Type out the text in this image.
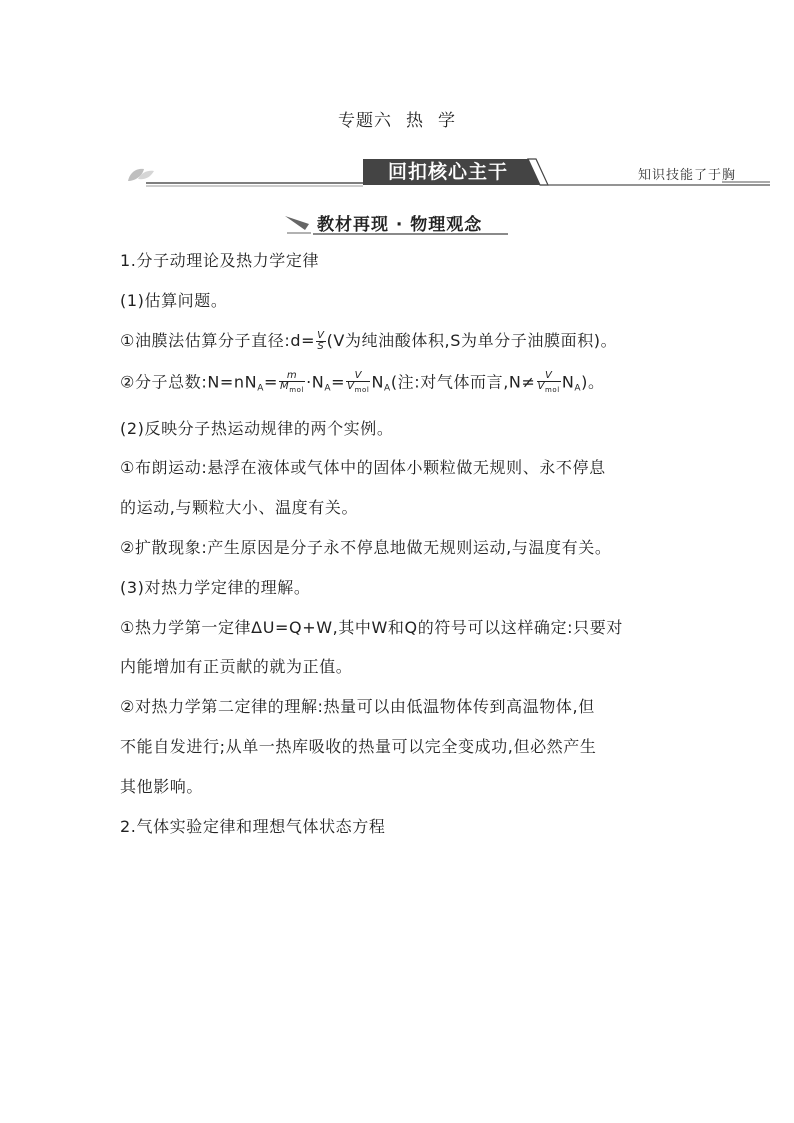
专题六 热 学
回扣核心主干	知识技能了于胸
教材再现 · 物理观念
1.分子动理论及热力学定律
(1)估算问题。
①油膜法估算分子直径:d= $\frac{V}{S} (V$为纯油酸体积,S为单分子油膜面积)。
②分子总数$:N=nN_A= \frac{m}{M_{mol}} \cdot N_A= \frac{V}{V_{mol}} N_A$(注:对气体而言$,N\ne \frac{V}{V_{mol}} N_A$)。
(2)反映分子热运动规律的两个实例。
①布朗运动:悬浮在液体或气体中的固体小颗粒做无规则、永不停息
的运动,与颗粒大小、温度有关。
②扩散现象:产生原因是分子永不停息地做无规则运动,与温度有关。
(3)对热力学定律的理解。
①热力学第一定律ΔU=Q+W,其中W和Q的符号可以这样确定:只要对
内能增加有正贡献的就为正值。
②对热力学第二定律的理解:热量可以由低温物体传到高温物体,但
不能自发进行;从单一热库吸收的热量可以完全变成功,但必然产生
其他影响。
2.气体实验定律和理想气体状态方程
